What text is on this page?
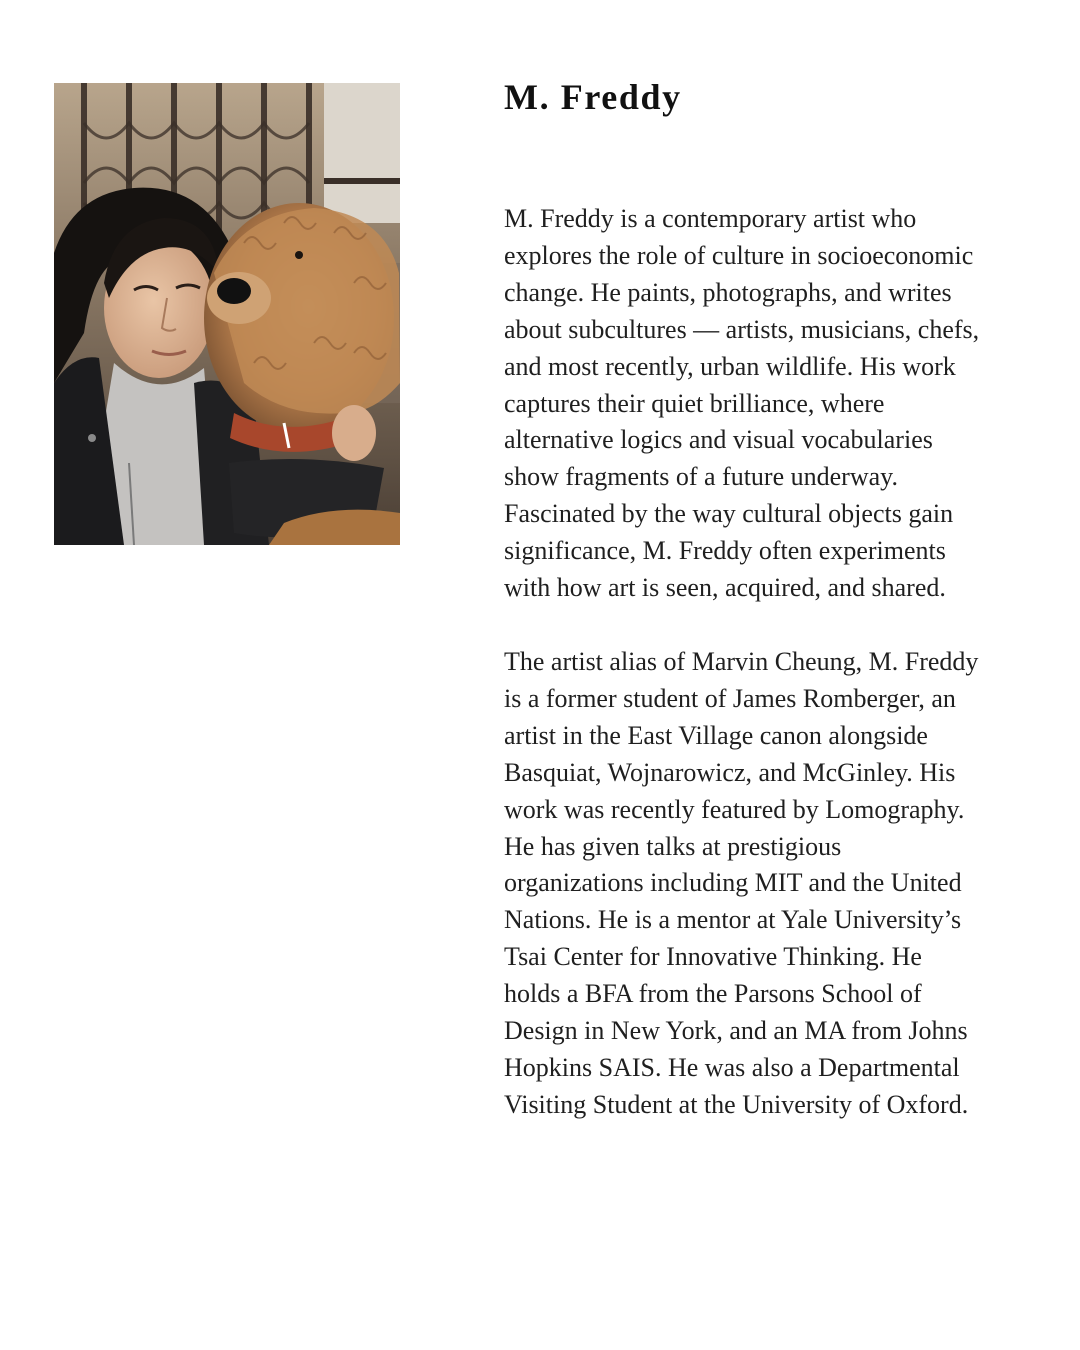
M. Freddy

M. Freddy is a contemporary artist who
explores the role of culture in socioeconomic
change. He paints, photographs, and writes
about subcultures — artists, musicians, chefs,
and most recently, urban wildlife. His work
captures their quiet brilliance, where
alternative logics and visual vocabularies
show fragments of a future underway.
Fascinated by the way cultural objects gain
significance, M. Freddy often experiments
with how art is seen, acquired, and shared.

The artist alias of Marvin Cheung, M. Freddy
is a former student of James Romberger, an
artist in the East Village canon alongside
Basquiat, Wojnarowicz, and McGinley. His
work was recently featured by Lomography.
He has given talks at prestigious
organizations including MIT and the United
Nations. He is a mentor at Yale University’s
Tsai Center for Innovative Thinking. He
holds a BFA from the Parsons School of
Design in New York, and an MA from Johns
Hopkins SAIS. He was also a Departmental
Visiting Student at the University of Oxford.
